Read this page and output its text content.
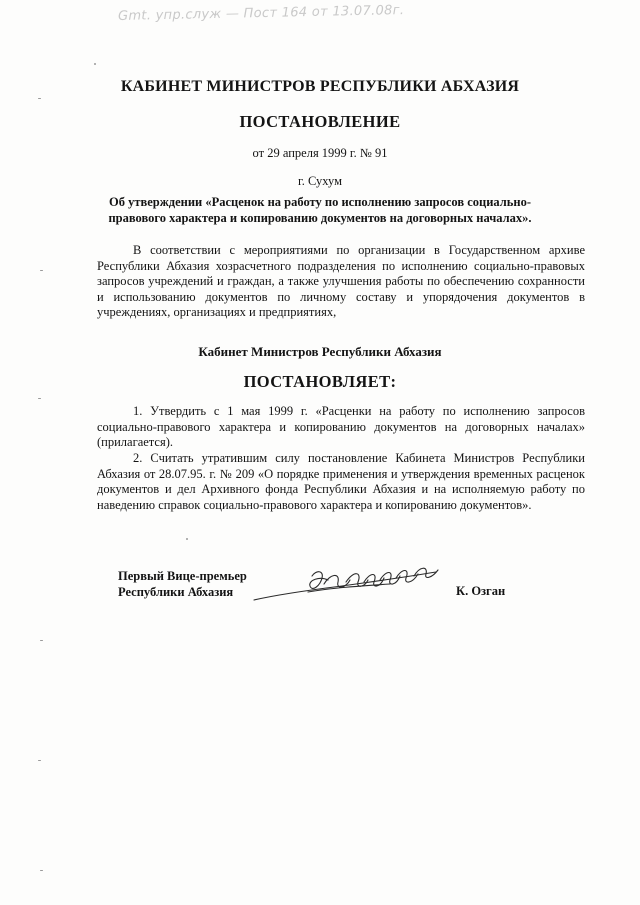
Gmt. упр.служ — Пост 164 от 13.07.08г.
КАБИНЕТ МИНИСТРОВ РЕСПУБЛИКИ АБХАЗИЯ
ПОСТАНОВЛЕНИЕ
от 29 апреля 1999 г. № 91
г. Сухум
Об утверждении «Расценок на работу по исполнению запросов социально-правового характера и копированию документов на договорных началах».

В соответствии с мероприятиями по организации в Государственном архиве Республики Абхазия хозрасчетного подразделения по исполнению социально-правовых запросов учреждений и граждан, а также улучшения работы по обеспечению сохранности и использованию документов по личному составу и упорядочения документов в учреждениях, организациях и предприятиях,

Кабинет Министров Республики Абхазия
ПОСТАНОВЛЯЕТ:

1. Утвердить с 1 мая 1999 г. «Расценки на работу по исполнению запросов социально-правового характера и копированию документов на договорных началах» (прилагается).

2. Считать утратившим силу постановление Кабинета Министров Республики Абхазия от 28.07.95. г. № 209 «О порядке применения и утверждения временных расценок документов и дел Архивного фонда Республики Абхазия и на исполняемую работу по наведению справок социально-правового характера и копированию документов».

Первый Вице-премьер
Республики Абхазия	К. Озган
